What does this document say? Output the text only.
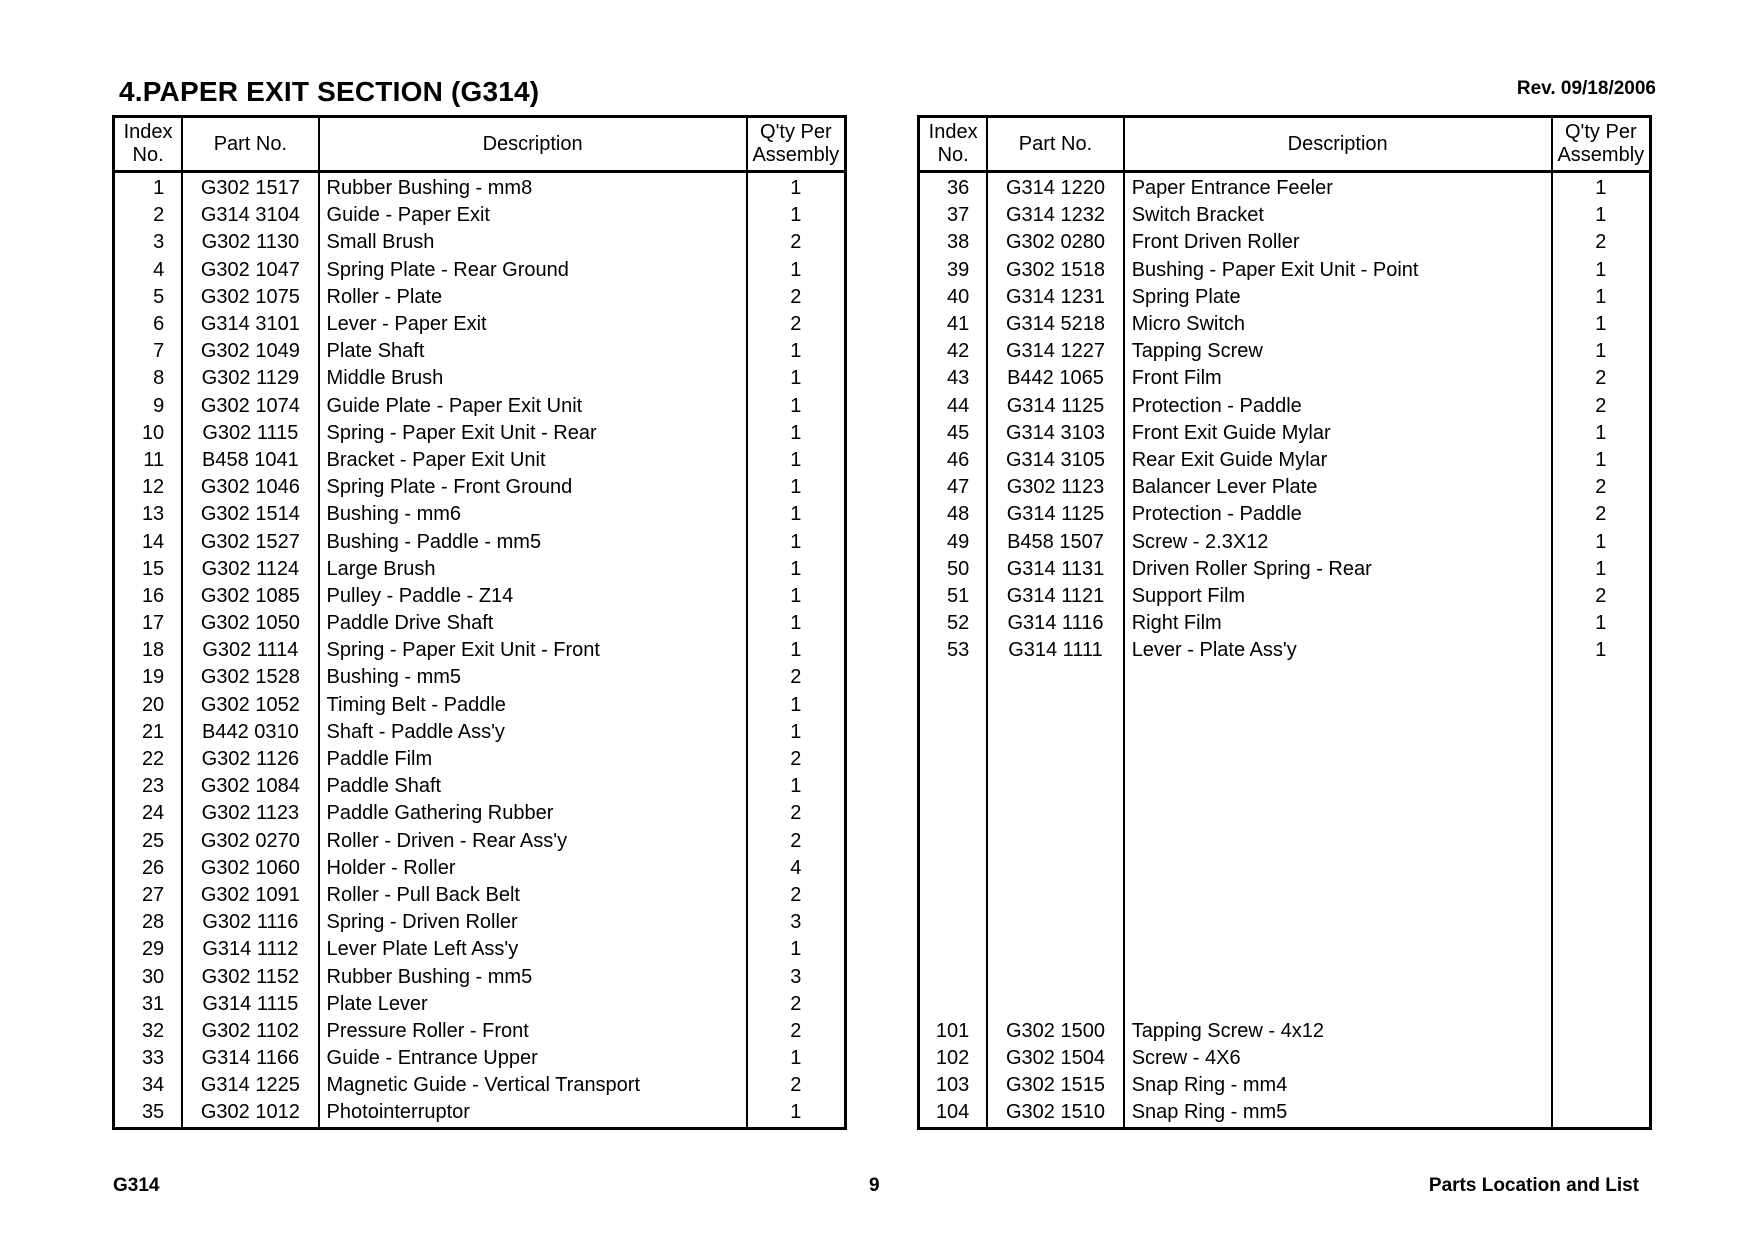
4.PAPER EXIT SECTION (G314)	Rev. 09/18/2006
Index
No.	Part No.	Description	Q'ty Per
Assembly

1	G302 1517	Rubber Bushing - mm8	1
2	G314 3104	Guide - Paper Exit	1
3	G302 1130	Small Brush	2
4	G302 1047	Spring Plate - Rear Ground	1
5	G302 1075	Roller - Plate	2
6	G314 3101	Lever - Paper Exit	2
7	G302 1049	Plate Shaft	1
8	G302 1129	Middle Brush	1
9	G302 1074	Guide Plate - Paper Exit Unit	1
10	G302 1115	Spring - Paper Exit Unit - Rear	1
11	B458 1041	Bracket - Paper Exit Unit	1
12	G302 1046	Spring Plate - Front Ground	1
13	G302 1514	Bushing - mm6	1
14	G302 1527	Bushing - Paddle - mm5	1
15	G302 1124	Large Brush	1
16	G302 1085	Pulley - Paddle - Z14	1
17	G302 1050	Paddle Drive Shaft	1
18	G302 1114	Spring - Paper Exit Unit - Front	1
19	G302 1528	Bushing - mm5	2
20	G302 1052	Timing Belt - Paddle	1
21	B442 0310	Shaft - Paddle Ass'y	1
22	G302 1126	Paddle Film	2
23	G302 1084	Paddle Shaft	1
24	G302 1123	Paddle Gathering Rubber	2
25	G302 0270	Roller - Driven - Rear Ass'y	2
26	G302 1060	Holder - Roller	4
27	G302 1091	Roller - Pull Back Belt	2
28	G302 1116	Spring - Driven Roller	3
29	G314 1112	Lever Plate Left Ass'y	1
30	G302 1152	Rubber Bushing - mm5	3
31	G314 1115	Plate Lever	2
32	G302 1102	Pressure Roller - Front	2
33	G314 1166	Guide - Entrance Upper	1
34	G314 1225	Magnetic Guide - Vertical Transport	2
35	G302 1012	Photointerruptor	1
Index
No.	Part No.	Description	Q'ty Per
Assembly

36	G314 1220	Paper Entrance Feeler	1
37	G314 1232	Switch Bracket	1
38	G302 0280	Front Driven Roller	2
39	G302 1518	Bushing - Paper Exit Unit - Point	1
40	G314 1231	Spring Plate	1
41	G314 5218	Micro Switch	1
42	G314 1227	Tapping Screw	1
43	B442 1065	Front Film	2
44	G314 1125	Protection - Paddle	2
45	G314 3103	Front Exit Guide Mylar	1
46	G314 3105	Rear Exit Guide Mylar	1
47	G302 1123	Balancer Lever Plate	2
48	G314 1125	Protection - Paddle	2
49	B458 1507	Screw - 2.3X12	1
50	G314 1131	Driven Roller Spring - Rear	1
51	G314 1121	Support Film	2
52	G314 1116	Right Film	1
53	G314 1111	Lever - Plate Ass'y	1

101	G302 1500	Tapping Screw - 4x12	
102	G302 1504	Screw - 4X6	
103	G302 1515	Snap Ring - mm4	
104	G302 1510	Snap Ring - mm5	
G314	9	Parts Location and List
